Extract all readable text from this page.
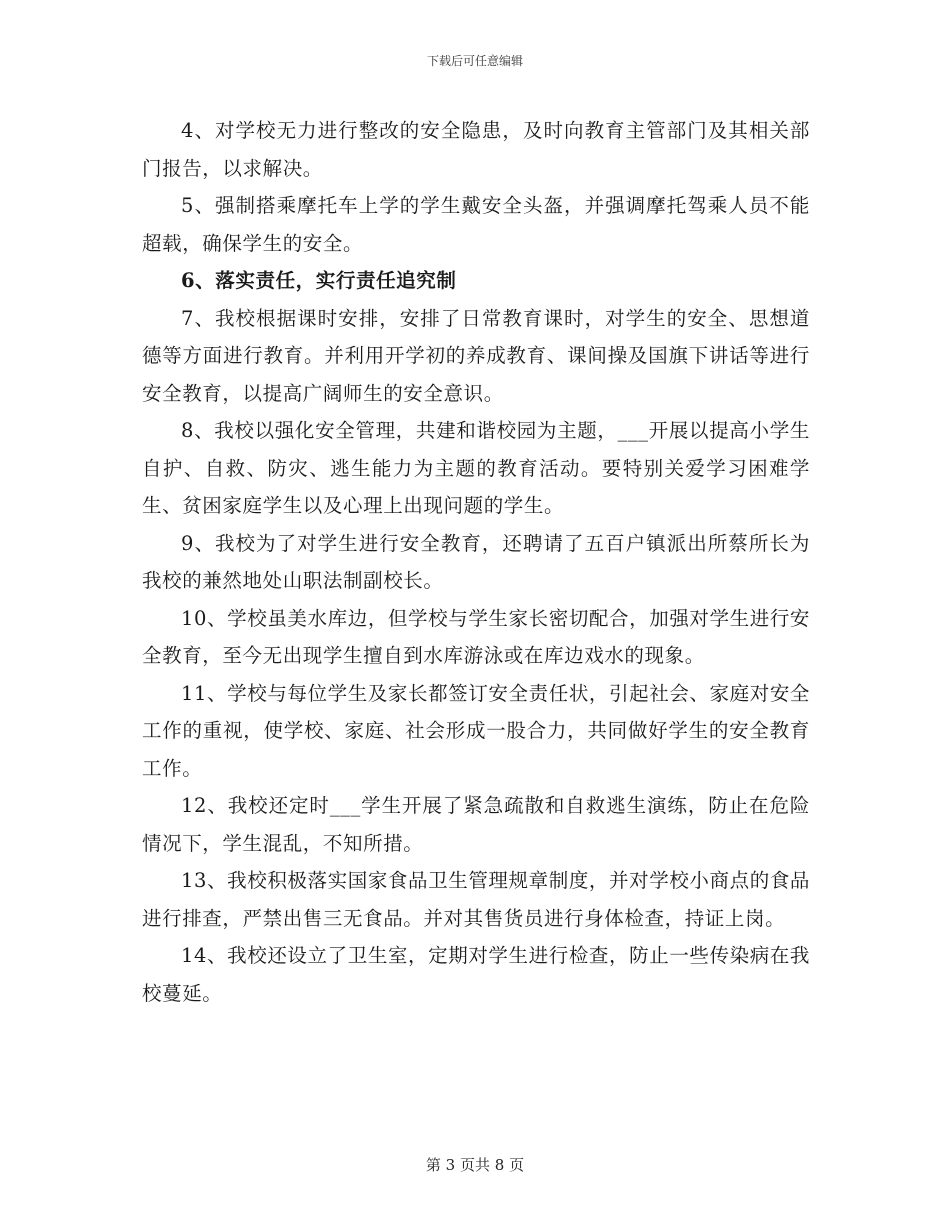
下载后可任意编辑

4、对学校无力进行整改的安全隐患，及时向教育主管部门及其相关部门报告，以求解决。

5、强制搭乘摩托车上学的学生戴安全头盔，并强调摩托驾乘人员不能超载，确保学生的安全。

6、落实责任，实行责任追究制

7、我校根据课时安排，安排了日常教育课时，对学生的安全、思想道德等方面进行教育。并利用开学初的养成教育、课间操及国旗下讲话等进行安全教育，以提高广阔师生的安全意识。

8、我校以强化安全管理，共建和谐校园为主题，___开展以提高小学生自护、自救、防灾、逃生能力为主题的教育活动。要特别关爱学习困难学生、贫困家庭学生以及心理上出现问题的学生。

9、我校为了对学生进行安全教育，还聘请了五百户镇派出所蔡所长为我校的兼然地处山职法制副校长。

10、学校虽美水库边，但学校与学生家长密切配合，加强对学生进行安全教育，至今无出现学生擅自到水库游泳或在库边戏水的现象。

11、学校与每位学生及家长都签订安全责任状，引起社会、家庭对安全工作的重视，使学校、家庭、社会形成一股合力，共同做好学生的安全教育工作。

12、我校还定时___学生开展了紧急疏散和自救逃生演练，防止在危险情况下，学生混乱，不知所措。

13、我校积极落实国家食品卫生管理规章制度，并对学校小商点的食品进行排查，严禁出售三无食品。并对其售货员进行身体检查，持证上岗。

14、我校还设立了卫生室，定期对学生进行检查，防止一些传染病在我校蔓延。

第 3 页共 8 页
